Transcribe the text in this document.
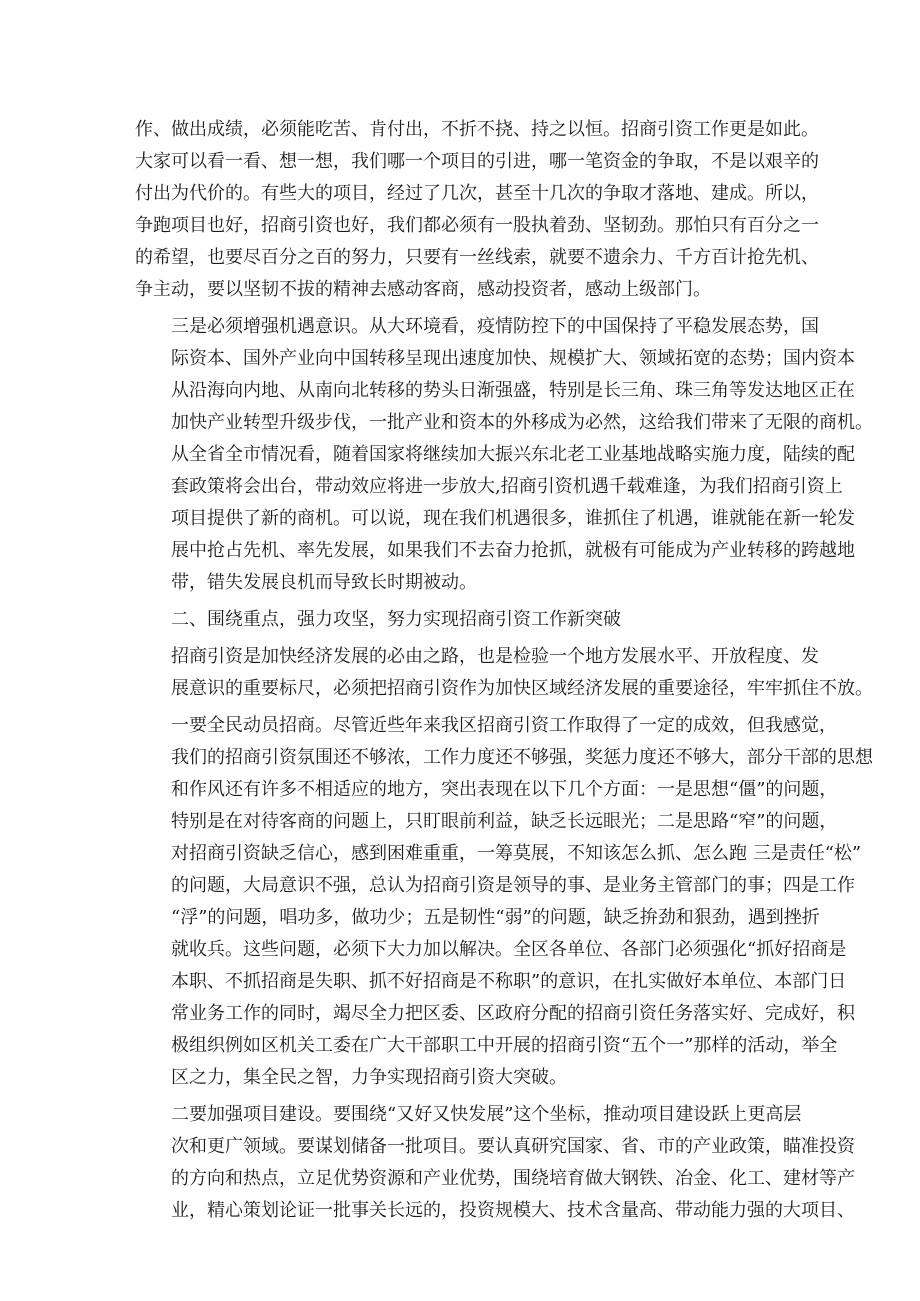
作、做出成绩，必须能吃苦、肯付出，不折不挠、持之以恒。招商引资工作更是如此。
大家可以看一看、想一想，我们哪一个项目的引进，哪一笔资金的争取，不是以艰辛的
付出为代价的。有些大的项目，经过了几次，甚至十几次的争取才落地、建成。所以，
争跑项目也好，招商引资也好，我们都必须有一股执着劲、坚韧劲。那怕只有百分之一
的希望，也要尽百分之百的努力，只要有一丝线索，就要不遗余力、千方百计抢先机、
争主动，要以坚韧不拔的精神去感动客商，感动投资者，感动上级部门。

三是必须增强机遇意识。从大环境看，疫情防控下的中国保持了平稳发展态势，国
际资本、国外产业向中国转移呈现出速度加快、规模扩大、领域拓宽的态势；国内资本
从沿海向内地、从南向北转移的势头日渐强盛，特别是长三角、珠三角等发达地区正在
加快产业转型升级步伐，一批产业和资本的外移成为必然，这给我们带来了无限的商机。
从全省全市情况看，随着国家将继续加大振兴东北老工业基地战略实施力度，陆续的配
套政策将会出台，带动效应将进一步放大,招商引资机遇千载难逢，为我们招商引资上
项目提供了新的商机。可以说，现在我们机遇很多，谁抓住了机遇，谁就能在新一轮发
展中抢占先机、率先发展，如果我们不去奋力抢抓，就极有可能成为产业转移的跨越地
带，错失发展良机而导致长时期被动。

二、围绕重点，强力攻坚，努力实现招商引资工作新突破

招商引资是加快经济发展的必由之路，也是检验一个地方发展水平、开放程度、发
展意识的重要标尺，必须把招商引资作为加快区域经济发展的重要途径，牢牢抓住不放。

一要全民动员招商。尽管近些年来我区招商引资工作取得了一定的成效，但我感觉，
我们的招商引资氛围还不够浓，工作力度还不够强，奖惩力度还不够大，部分干部的思想
和作风还有许多不相适应的地方，突出表现在以下几个方面：一是思想“僵”的问题，
特别是在对待客商的问题上，只盯眼前利益，缺乏长远眼光；二是思路“窄”的问题，
对招商引资缺乏信心，感到困难重重，一筹莫展，不知该怎么抓、怎么跑 三是责任“松”
的问题，大局意识不强，总认为招商引资是领导的事、是业务主管部门的事；四是工作
“浮”的问题，唱功多，做功少；五是韧性“弱”的问题，缺乏拚劲和狠劲，遇到挫折
就收兵。这些问题，必须下大力加以解决。全区各单位、各部门必须强化“抓好招商是
本职、不抓招商是失职、抓不好招商是不称职”的意识，在扎实做好本单位、本部门日
常业务工作的同时，竭尽全力把区委、区政府分配的招商引资任务落实好、完成好，积
极组织例如区机关工委在广大干部职工中开展的招商引资“五个一”那样的活动，举全
区之力，集全民之智，力争实现招商引资大突破。

二要加强项目建设。要围绕“又好又快发展”这个坐标，推动项目建设跃上更高层
次和更广领域。要谋划储备一批项目。要认真研究国家、省、市的产业政策，瞄准投资
的方向和热点，立足优势资源和产业优势，围绕培育做大钢铁、冶金、化工、建材等产
业，精心策划论证一批事关长远的，投资规模大、技术含量高、带动能力强的大项目、
